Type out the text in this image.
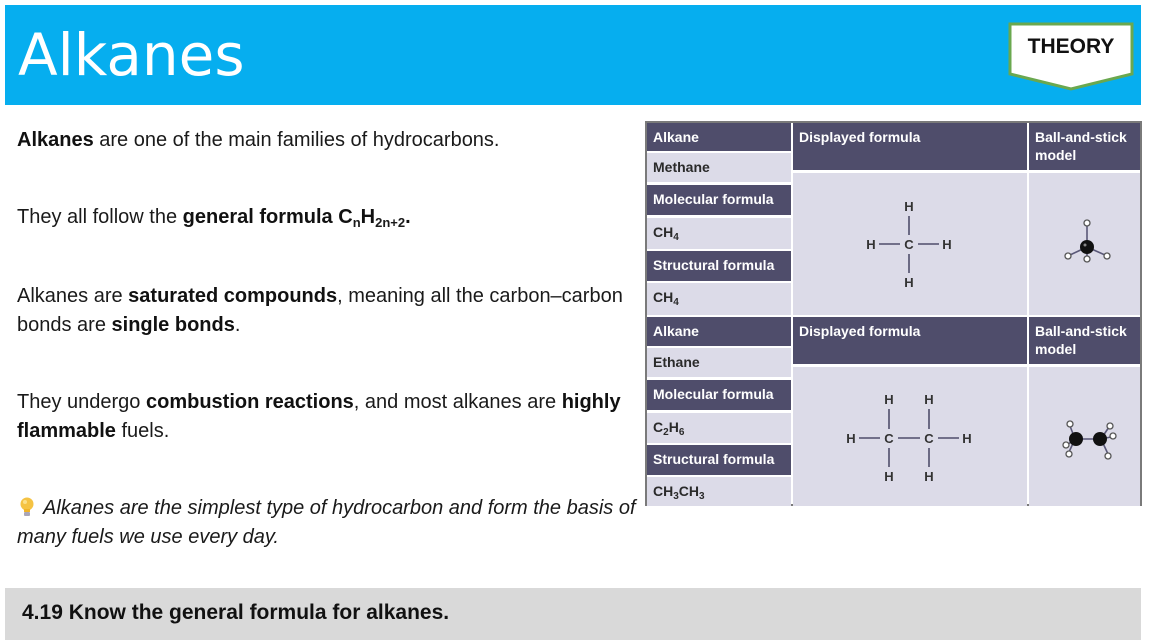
Alkanes	THEORY
Alkanes are one of the main families of hydrocarbons.
They all follow the general formula $C_nH_{2n+2}$.
Alkanes are saturated compounds, meaning all the carbon–carbon bonds are single bonds.
They undergo combustion reactions, and most alkanes are highly flammable fuels.
Alkanes are the simplest type of hydrocarbon and form the basis of many fuels we use every day.
Alkane
Methane
Molecular formula
$CH_4$
Structural formula
$CH_4$
Displayed formula
H
H C H
H
Ball-and-stick model
Alkane
Ethane
Molecular formula
$C_2H_6$
Structural formula
$CH_3CH_3$
Displayed formula
H H
H C C H
H H
Ball-and-stick model
4.19 Know the general formula for alkanes.
